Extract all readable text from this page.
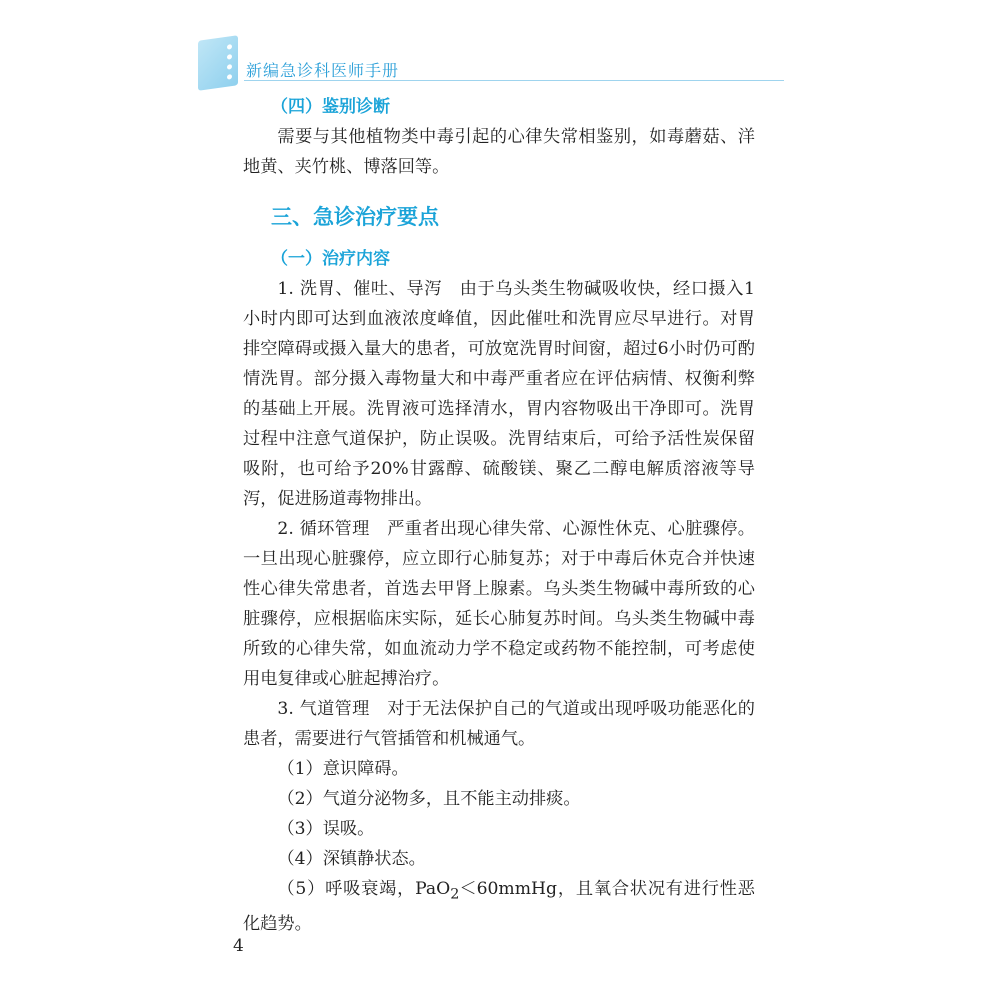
新编急诊科医师手册
（四）鉴别诊断

需要与其他植物类中毒引起的心律失常相鉴别，如毒蘑菇、洋地黄、夹竹桃、博落回等。

三、急诊治疗要点
（一）治疗内容

1. 洗胃、催吐、导泻　 由于乌头类生物碱吸收快，经口摄入1小时内即可达到血液浓度峰值，因此催吐和洗胃应尽早进行。对胃排空障碍或摄入量大的患者，可放宽洗胃时间窗，超过6小时仍可酌情洗胃。部分摄入毒物量大和中毒严重者应在评估病情、权衡利弊的基础上开展。洗胃液可选择清水，胃内容物吸出干净即可。洗胃过程中注意气道保护，防止误吸。洗胃结束后，可给予活性炭保留吸附，也可给予20%甘露醇、硫酸镁、聚乙二醇电解质溶液等导泻，促进肠道毒物排出。

2. 循环管理　 严重者出现心律失常、心源性休克、心脏骤停。一旦出现心脏骤停，应立即行心肺复苏；对于中毒后休克合并快速性心律失常患者，首选去甲肾上腺素。乌头类生物碱中毒所致的心脏骤停，应根据临床实际，延长心肺复苏时间。乌头类生物碱中毒所致的心律失常，如血流动力学不稳定或药物不能控制，可考虑使用电复律或心脏起搏治疗。

3. 气道管理　 对于无法保护自己的气道或出现呼吸功能恶化的患者，需要进行气管插管和机械通气。

（1）意识障碍。

（2）气道分泌物多，且不能主动排痰。

（3）误吸。

（4）深镇静状态。

（5）呼吸衰竭，PaO$_2$＜60mmHg，且氧合状况有进行性恶化趋势。

4
